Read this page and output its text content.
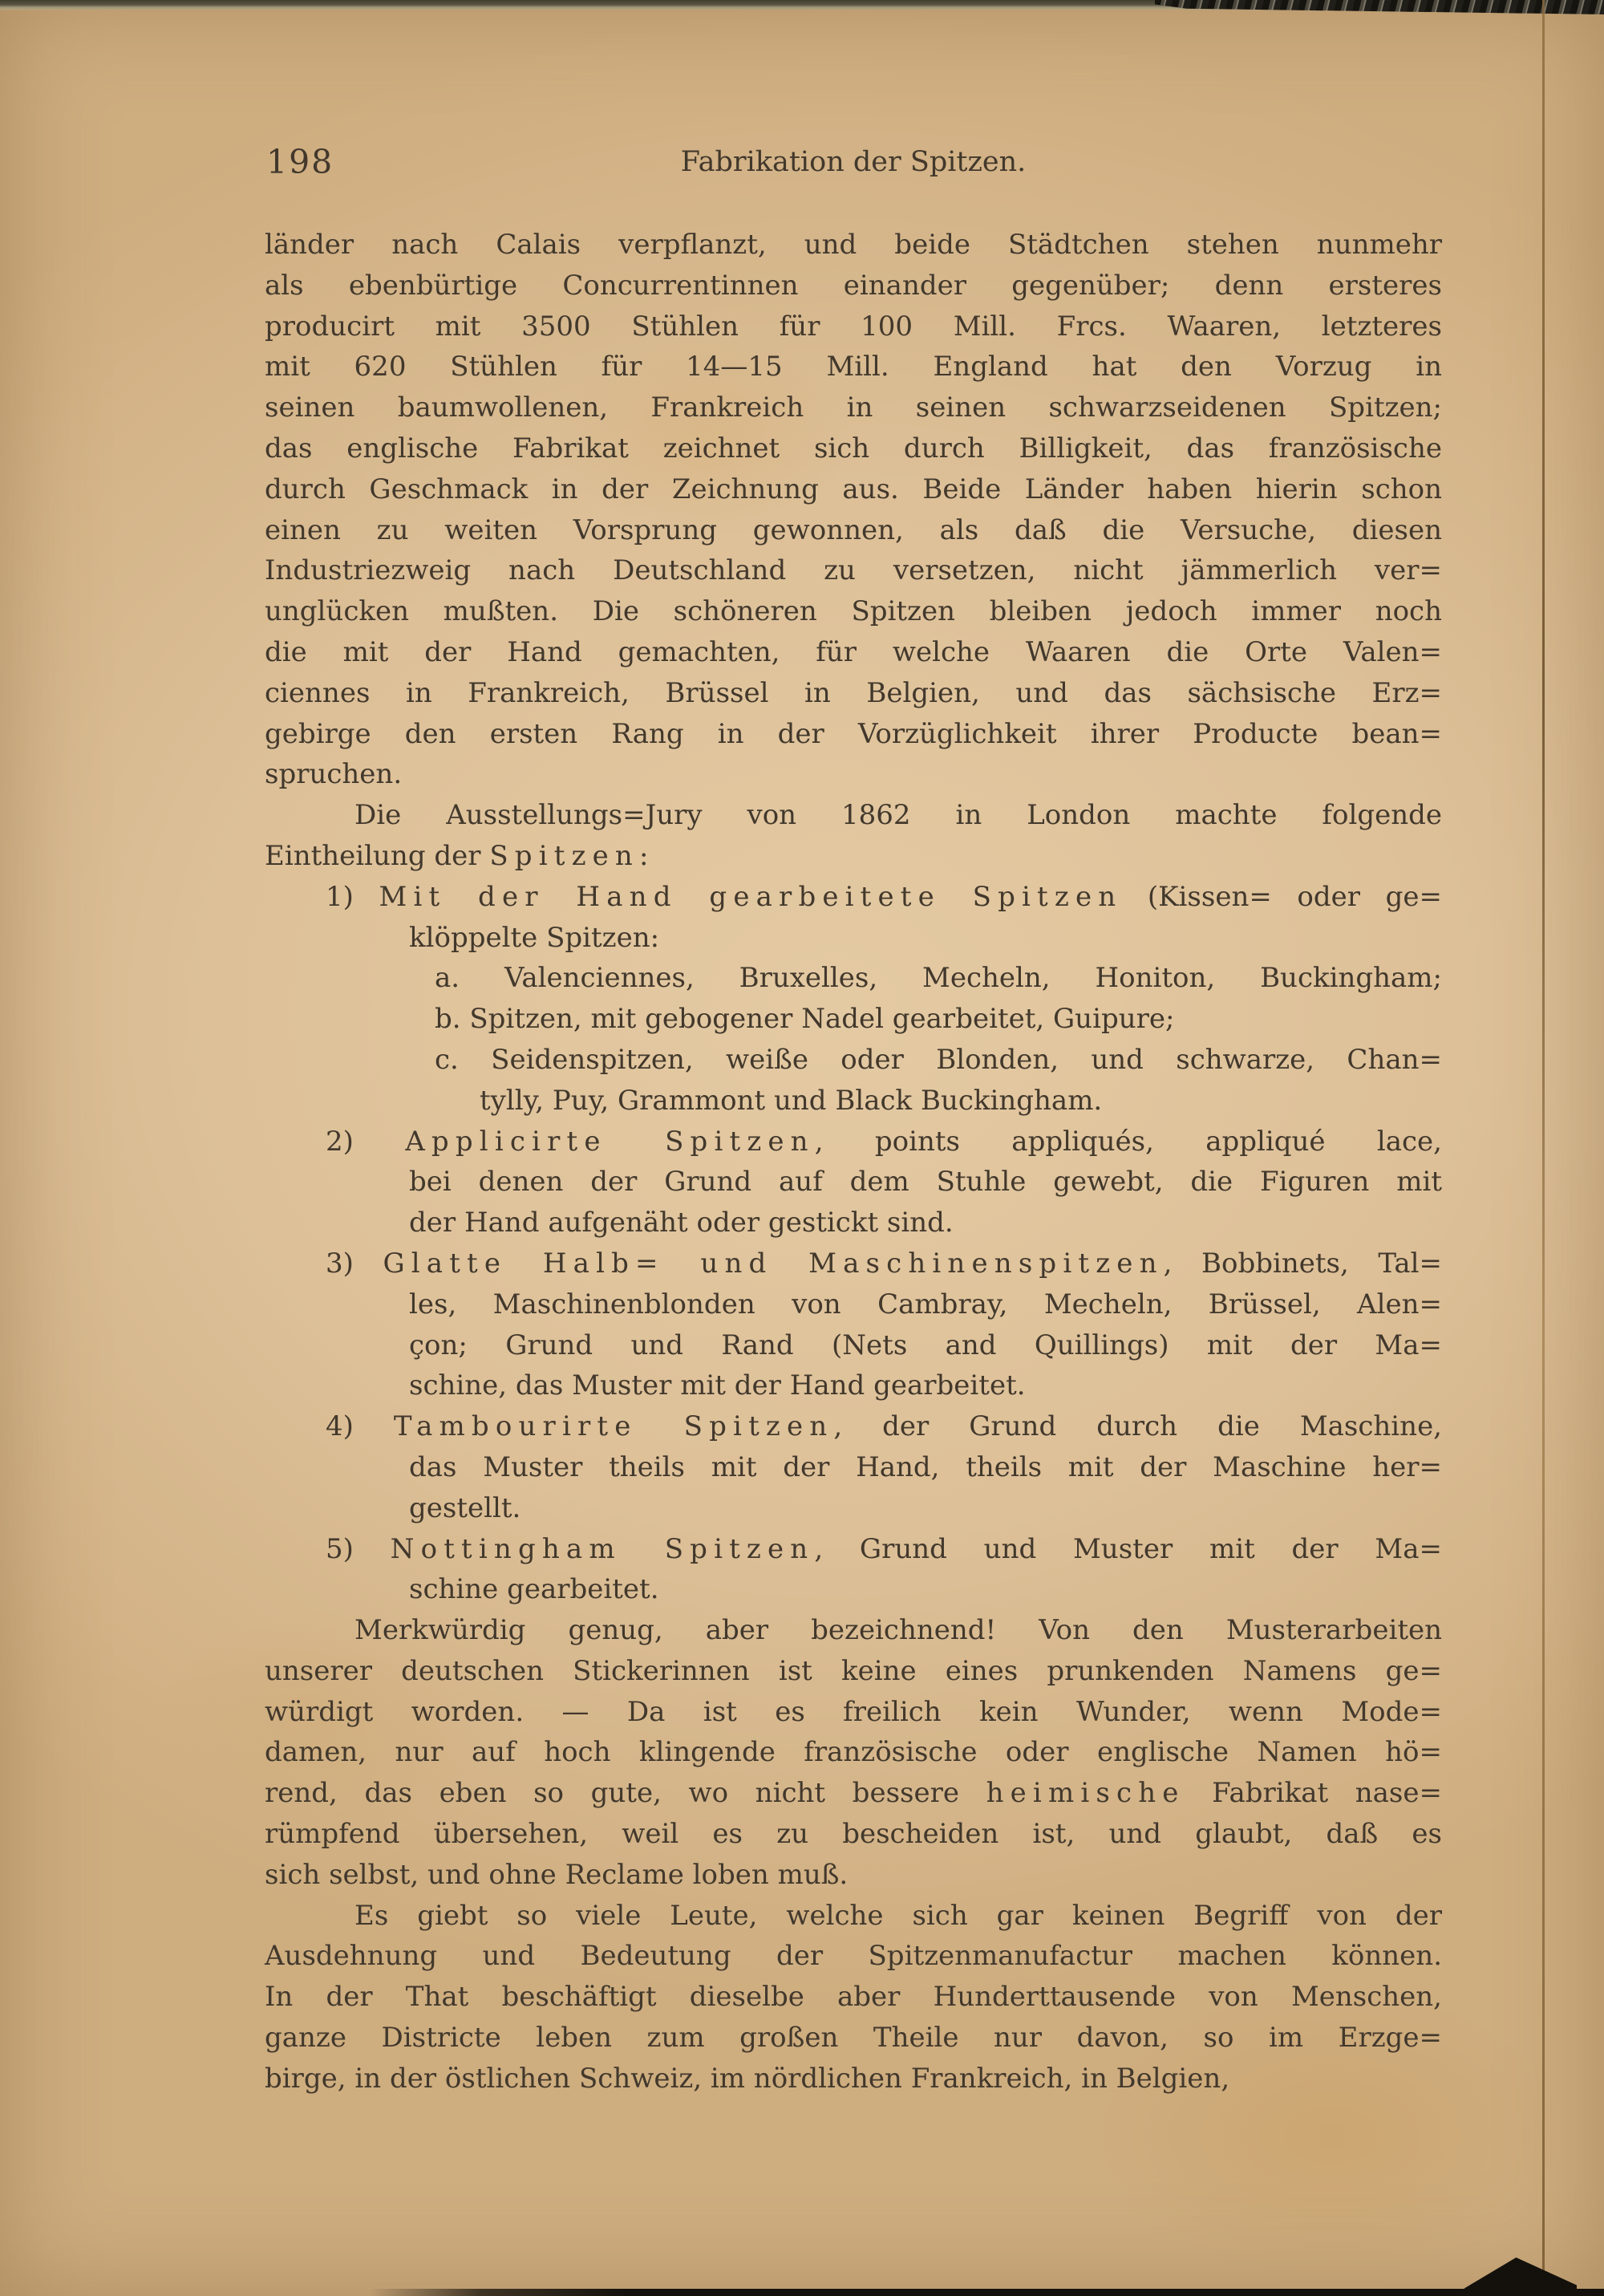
198	Fabrikation der Spitzen.
länder nach Calais verpflanzt, und beide Städtchen stehen nunmehr
als ebenbürtige Concurrentinnen einander gegenüber; denn ersteres
producirt mit 3500 Stühlen für 100 Mill. Frcs. Waaren, letzteres
mit 620 Stühlen für 14—15 Mill. England hat den Vorzug in
seinen baumwollenen, Frankreich in seinen schwarzseidenen Spitzen;
das englische Fabrikat zeichnet sich durch Billigkeit, das französische
durch Geschmack in der Zeichnung aus. Beide Länder haben hierin schon
einen zu weiten Vorsprung gewonnen, als daß die Versuche, diesen
Industriezweig nach Deutschland zu versetzen, nicht jämmerlich ver=
unglücken mußten. Die schöneren Spitzen bleiben jedoch immer noch
die mit der Hand gemachten, für welche Waaren die Orte Valen=
ciennes in Frankreich, Brüssel in Belgien, und das sächsische Erz=
gebirge den ersten Rang in der Vorzüglichkeit ihrer Producte bean=
spruchen.
Die Ausstellungs=Jury von 1862 in London machte folgende
Eintheilung der Spitzen:
1) Mit der Hand gearbeitete Spitzen (Kissen= oder ge=
klöppelte Spitzen:
a. Valenciennes, Bruxelles, Mecheln, Honiton, Buckingham;
b. Spitzen, mit gebogener Nadel gearbeitet, Guipure;
c. Seidenspitzen, weiße oder Blonden, und schwarze, Chan=
tylly, Puy, Grammont und Black Buckingham.
2) Applicirte Spitzen, points appliqués, appliqué lace,
bei denen der Grund auf dem Stuhle gewebt, die Figuren mit
der Hand aufgenäht oder gestickt sind.
3) Glatte Halb= und Maschinenspitzen, Bobbinets, Tal=
les, Maschinenblonden von Cambray, Mecheln, Brüssel, Alen=
çon; Grund und Rand (Nets and Quillings) mit der Ma=
schine, das Muster mit der Hand gearbeitet.
4) Tambourirte Spitzen, der Grund durch die Maschine,
das Muster theils mit der Hand, theils mit der Maschine her=
gestellt.
5) Nottingham Spitzen, Grund und Muster mit der Ma=
schine gearbeitet.
Merkwürdig genug, aber bezeichnend! Von den Musterarbeiten
unserer deutschen Stickerinnen ist keine eines prunkenden Namens ge=
würdigt worden. — Da ist es freilich kein Wunder, wenn Mode=
damen, nur auf hoch klingende französische oder englische Namen hö=
rend, das eben so gute, wo nicht bessere heimische Fabrikat nase=
rümpfend übersehen, weil es zu bescheiden ist, und glaubt, daß es
sich selbst, und ohne Reclame loben muß.
Es giebt so viele Leute, welche sich gar keinen Begriff von der
Ausdehnung und Bedeutung der Spitzenmanufactur machen können.
In der That beschäftigt dieselbe aber Hunderttausende von Menschen,
ganze Districte leben zum großen Theile nur davon, so im Erzge=
birge, in der östlichen Schweiz, im nördlichen Frankreich, in Belgien,
